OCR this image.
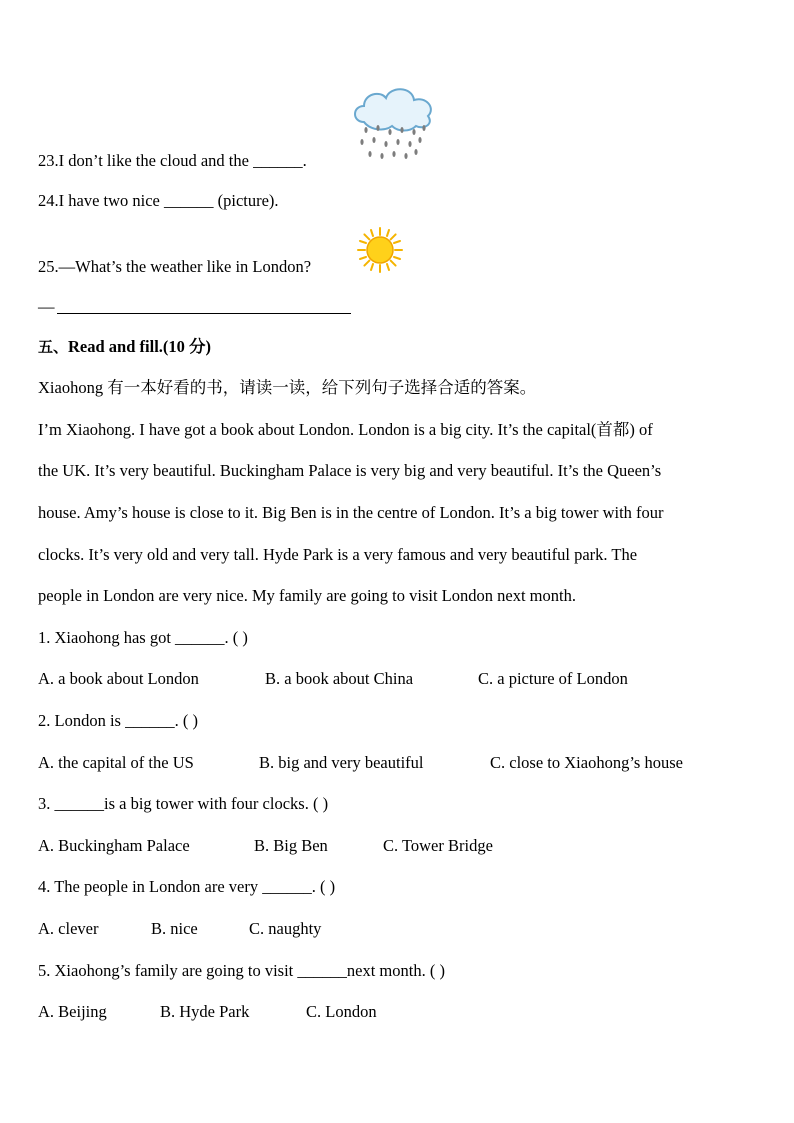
23.I don’t like the cloud and the ______.
24.I have two nice ______ (picture).
25.—What’s the weather like in London?
—
五、Read and fill.(10 分)
Xiaohong 有一本好看的书，请读一读，给下列句子选择合适的答案。
I’m Xiaohong. I have got a book about London. London is a big city. It’s the capital(首都) of
the UK. It’s very beautiful. Buckingham Palace is very big and very beautiful. It’s the Queen’s
house. Amy’s house is close to it. Big Ben is in the centre of London. It’s a big tower with four
clocks. It’s very old and very tall. Hyde Park is a very famous and very beautiful park. The
people in London are very nice. My family are going to visit London next month.
1. Xiaohong has got ______. ( )
A. a book about London	B. a book about China	C. a picture of London
2. London is ______. ( )
A. the capital of the US	B. big and very beautiful	C. close to Xiaohong’s house
3. ______is a big tower with four clocks. ( )
A. Buckingham Palace	B. Big Ben	C. Tower Bridge
4. The people in London are very ______. ( )
A. clever	B. nice	C. naughty
5. Xiaohong’s family are going to visit ______next month. ( )
A. Beijing	B. Hyde Park	C. London
